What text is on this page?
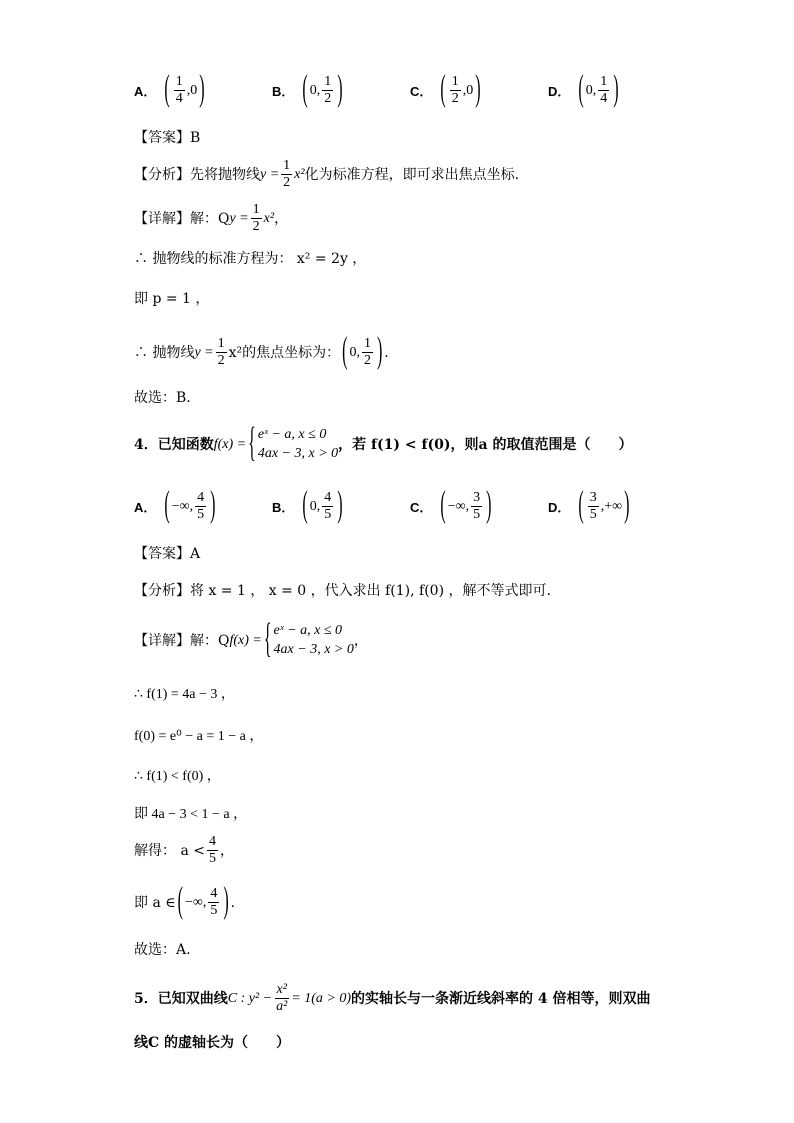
A． ( $\frac{1}{4} ,0$ )	B． ( 0, $\frac{1}{2}$ )	C． ( $\frac{1}{2} ,0$ )	D． ( 0, $\frac{1}{4}$ )
【答案】B
【分析】先将抛物线 $y = \frac{1}{2} x^2$ 化为标准方程，即可求出焦点坐标.
【详解】解：Q $y = \frac{1}{2} x^2$ ，
∴ 抛物线的标准方程为： x² = 2y ，
即 p = 1 ，
∴ 抛物线 $y = \frac{1}{2} x^2$的焦点坐标为： ( 0, $\frac{1}{2}$ ) .
故选：B.
4．已知函数 f(x) = { eˣ − a, x ≤ 0
4ax − 3, x > 0
，若 f(1) < f(0)，则a 的取值范围是（　　）
A． ( −∞, $\frac{4}{5}$ )	B． ( 0, $\frac{4}{5}$ )	C． ( −∞, $\frac{3}{5}$ )	D． ( $\frac{3}{5}$ ,+∞ )
【答案】A
【分析】将 x = 1 ， x = 0 ，代入求出 f(1), f(0) ，解不等式即可.
【详解】解：Q f(x) = { eˣ − a, x ≤ 0
4ax − 3, x > 0
，
∴ f(1) = 4a − 3 ，
f(0) = e⁰ − a = 1 − a ，
∴ f(1) < f(0) ，
即 4a − 3 < 1 − a ，
解得： $a < \frac{4}{5}$ ，
即 a ∈ ( −∞, $\frac{4}{5}$ ) .
故选：A.
5．已知双曲线 C : $y^2 - \frac{\text{x²}}{\text{a²}} = 1(a > 0)$ 的实轴长与一条渐近线斜率的 4 倍相等，则双曲
线C 的虚轴长为（　　）
